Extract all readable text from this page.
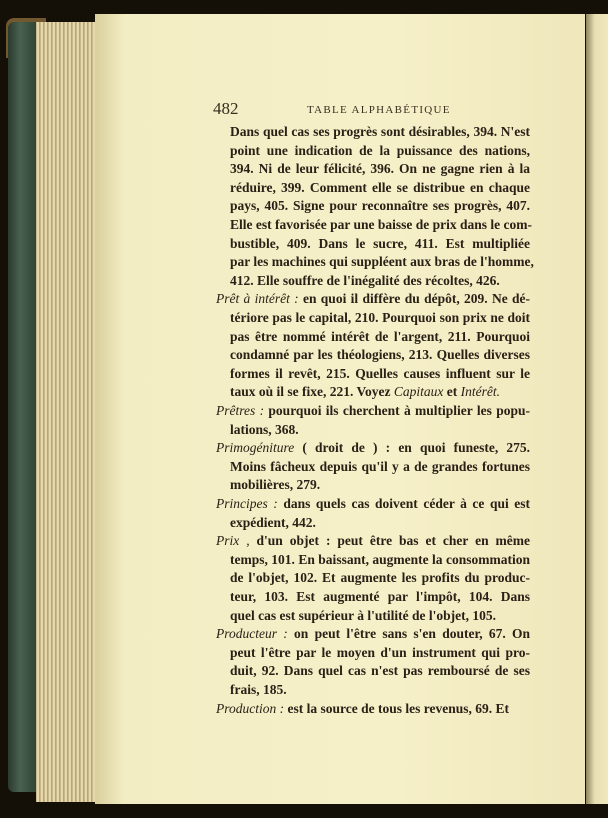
482	TABLE ALPHABÉTIQUE
Dans quel cas ses progrès sont désirables, 394. N'est
point une indication de la puissance des nations,
394. Ni de leur félicité, 396. On ne gagne rien à la
réduire, 399. Comment elle se distribue en chaque
pays, 405. Signe pour reconnaître ses progrès, 407.
Elle est favorisée par une baisse de prix dans le com-
bustible, 409. Dans le sucre, 411. Est multipliée
par les machines qui suppléent aux bras de l'homme,
412. Elle souffre de l'inégalité des récoltes, 426.
Prêt à intérêt : en quoi il diffère du dépôt, 209. Ne dé-
tériore pas le capital, 210. Pourquoi son prix ne doit
pas être nommé intérêt de l'argent, 211. Pourquoi
condamné par les théologiens, 213. Quelles diverses
formes il revêt, 215. Quelles causes influent sur le
taux où il se fixe, 221. Voyez Capitaux et Intérêt.
Prêtres : pourquoi ils cherchent à multiplier les popu-
lations, 368.
Primogéniture ( droit de ) : en quoi funeste, 275.
Moins fâcheux depuis qu'il y a de grandes fortunes
mobilières, 279.
Principes : dans quels cas doivent céder à ce qui est
expédient, 442.
Prix , d'un objet : peut être bas et cher en même
temps, 101. En baissant, augmente la consommation
de l'objet, 102. Et augmente les profits du produc-
teur, 103. Est augmenté par l'impôt, 104. Dans
quel cas est supérieur à l'utilité de l'objet, 105.
Producteur : on peut l'être sans s'en douter, 67. On
peut l'être par le moyen d'un instrument qui pro-
duit, 92. Dans quel cas n'est pas remboursé de ses
frais, 185.
Production : est la source de tous les revenus, 69. Et
